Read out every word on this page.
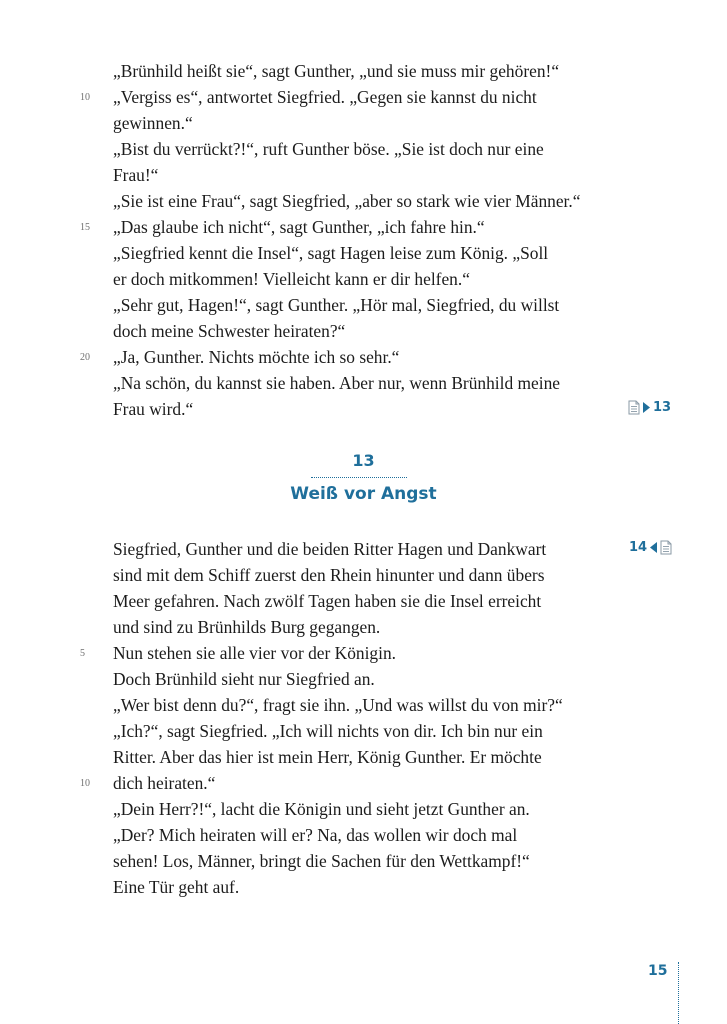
„Brünhild heißt sie“, sagt Gunther, „und sie muss mir gehören!“
„Vergiss es“, antwortet Siegfried. „Gegen sie kannst du nicht
gewinnen.“
„Bist du verrückt?!“, ruft Gunther böse. „Sie ist doch nur eine
Frau!“
„Sie ist eine Frau“, sagt Siegfried, „aber so stark wie vier Männer.“
„Das glaube ich nicht“, sagt Gunther, „ich fahre hin.“
„Siegfried kennt die Insel“, sagt Hagen leise zum König. „Soll
er doch mitkommen! Vielleicht kann er dir helfen.“
„Sehr gut, Hagen!“, sagt Gunther. „Hör mal, Siegfried, du willst
doch meine Schwester heiraten?“
„Ja, Gunther. Nichts möchte ich so sehr.“
„Na schön, du kannst sie haben. Aber nur, wenn Brünhild meine
Frau wird.“
10
15
20
13
13
Weiß vor Angst
14
Siegfried, Gunther und die beiden Ritter Hagen und Dankwart
sind mit dem Schiff zuerst den Rhein hinunter und dann übers
Meer gefahren. Nach zwölf Tagen haben sie die Insel erreicht
und sind zu Brünhilds Burg gegangen.
Nun stehen sie alle vier vor der Königin.
Doch Brünhild sieht nur Siegfried an.
„Wer bist denn du?“, fragt sie ihn. „Und was willst du von mir?“
„Ich?“, sagt Siegfried. „Ich will nichts von dir. Ich bin nur ein
Ritter. Aber das hier ist mein Herr, König Gunther. Er möchte
dich heiraten.“
„Dein Herr?!“, lacht die Königin und sieht jetzt Gunther an.
„Der? Mich heiraten will er? Na, das wollen wir doch mal
sehen! Los, Männer, bringt die Sachen für den Wettkampf!“
Eine Tür geht auf.
5
10
15
